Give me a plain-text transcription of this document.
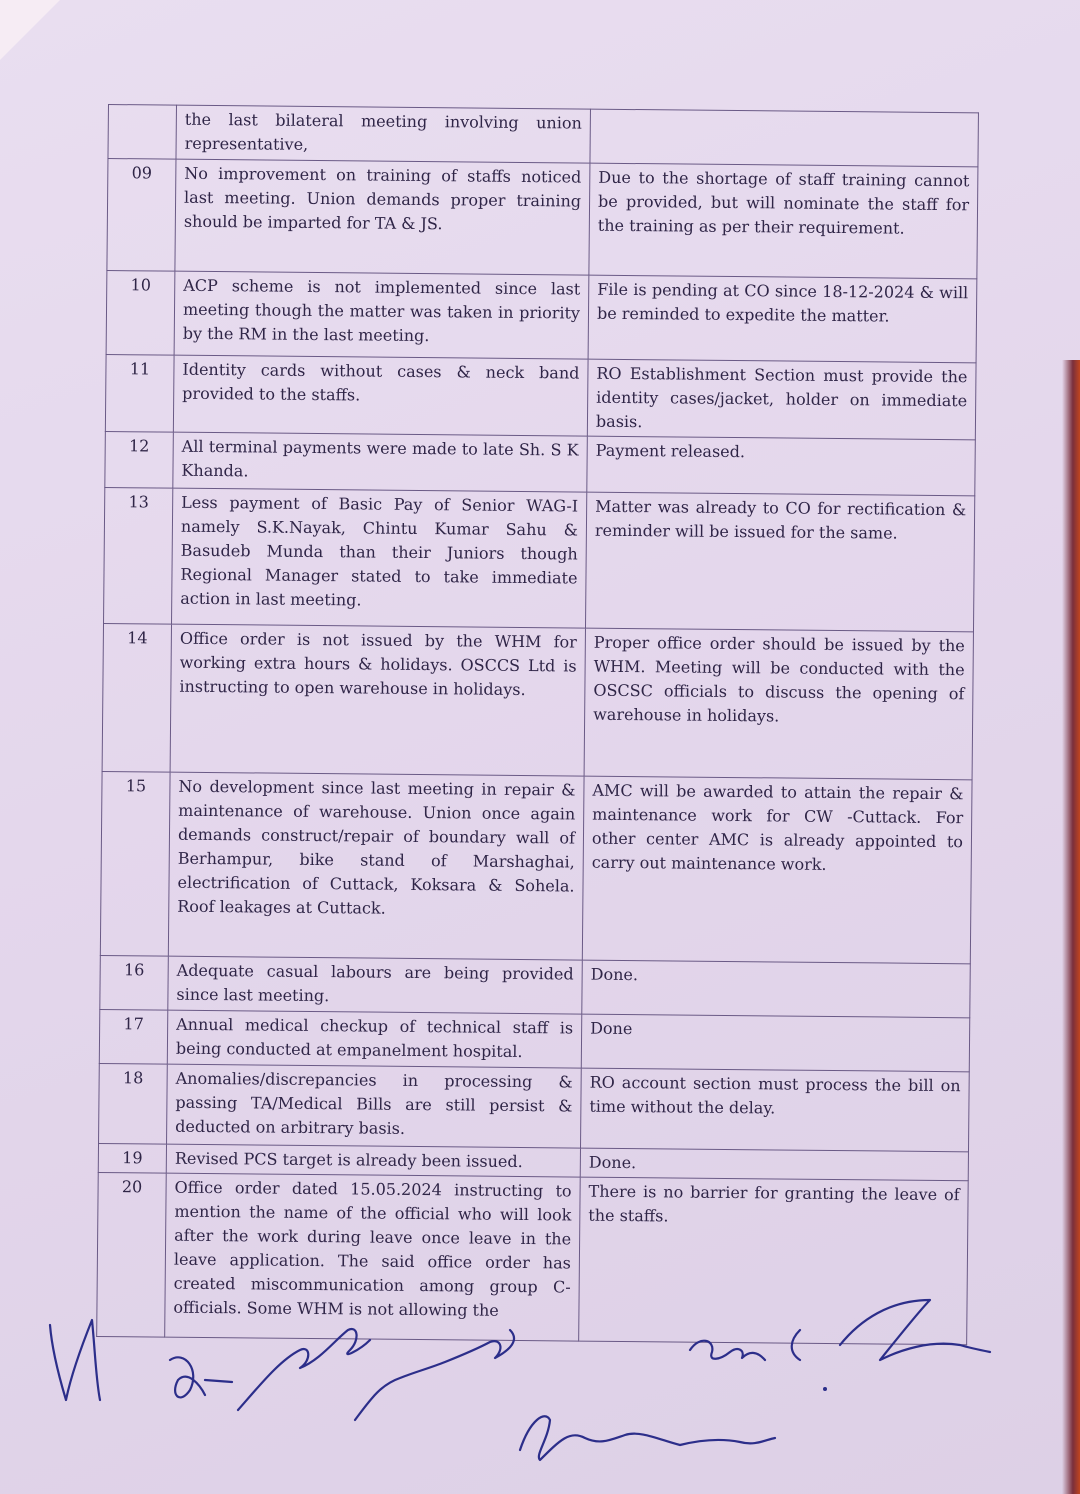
	the last bilateral meeting involving union representative,	
09	No improvement on training of staffs noticed last meeting. Union demands proper training should be imparted for TA & JS.	Due to the shortage of staff training cannot be provided, but will nominate the staff for the training as per their requirement.
10	ACP scheme is not implemented since last meeting though the matter was taken in priority by the RM in the last meeting.	File is pending at CO since 18-12-2024 & will be reminded to expedite the matter.
11	Identity cards without cases & neck band provided to the staffs.	RO Establishment Section must provide the identity cases/jacket, holder on immediate basis.
12	All terminal payments were made to late Sh. S K Khanda.	Payment released.
13	Less payment of Basic Pay of Senior WAG-I namely S.K.Nayak, Chintu Kumar Sahu & Basudeb Munda than their Juniors though Regional Manager stated to take immediate action in last meeting.	Matter was already to CO for rectification & reminder will be issued for the same.
14	Office order is not issued by the WHM for working extra hours & holidays. OSCCS Ltd is instructing to open warehouse in holidays.	Proper office order should be issued by the WHM. Meeting will be conducted with the OSCSC officials to discuss the opening of warehouse in holidays.
15	No development since last meeting in repair & maintenance of warehouse. Union once again demands construct/repair of boundary wall of Berhampur, bike stand of Marshaghai, electrification of Cuttack, Koksara & Sohela. Roof leakages at Cuttack.	AMC will be awarded to attain the repair & maintenance work for CW -Cuttack. For other center AMC is already appointed to carry out maintenance work.
16	Adequate casual labours are being provided since last meeting.	Done.
17	Annual medical checkup of technical staff is being conducted at empanelment hospital.	Done
18	Anomalies/discrepancies in processing & passing TA/Medical Bills are still persist & deducted on arbitrary basis.	RO account section must process the bill on time without the delay.
19	Revised PCS target is already been issued.	Done.
20	Office order dated 15.05.2024 instructing to mention the name of the official who will look after the work during leave once leave in the leave application. The said office order has created miscommunication among group C-officials. Some WHM is not allowing the	There is no barrier for granting the leave of the staffs.
